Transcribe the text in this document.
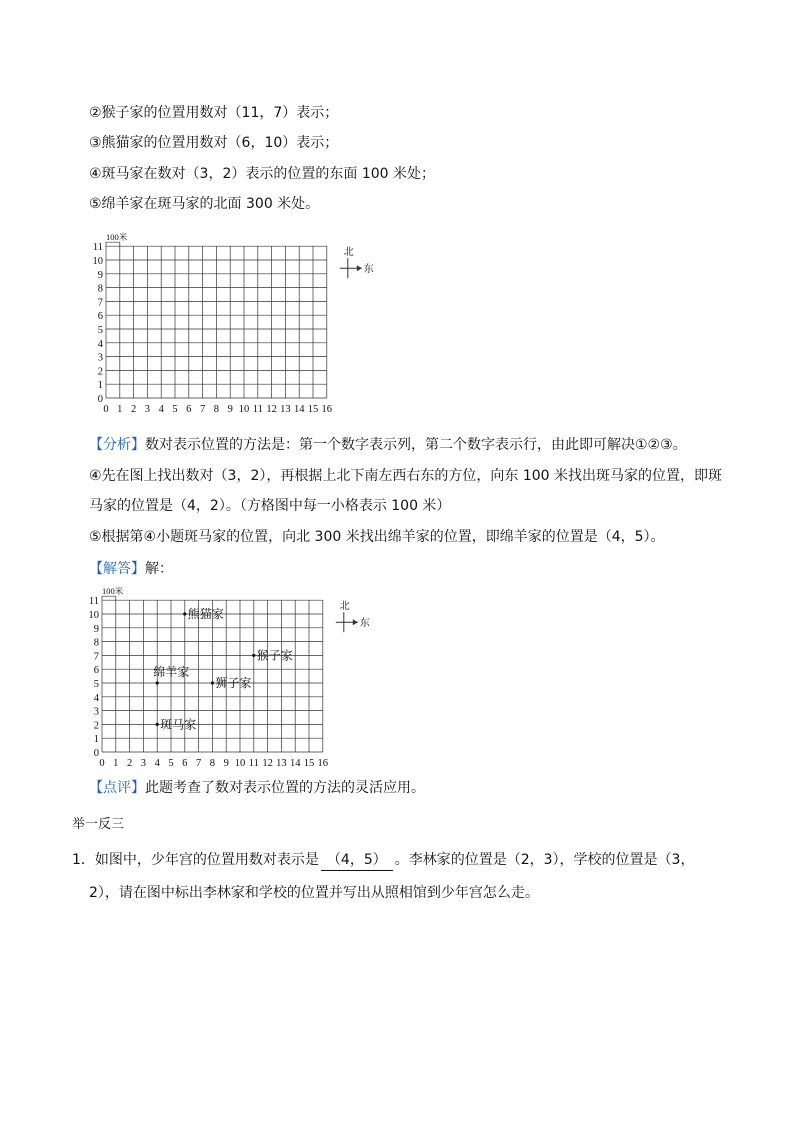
②猴子家的位置用数对（11，7）表示；
③熊猫家的位置用数对（6，10）表示；
④斑马家在数对（3，2）表示的位置的东面 100 米处；
⑤绵羊家在斑马家的北面 300 米处。
0 1 2 3 4 5 6 7 8 9 10 11 12 13 14 15 16
0
1
2
3
4
5
6
7
8
9
10
11
100米
北
东
【分析】数对表示位置的方法是：第一个数字表示列，第二个数字表示行，由此即可解决①②③。
④先在图上找出数对（3，2），再根据上北下南左西右东的方位，向东 100 米找出斑马家的位置，即斑
马家的位置是（4，2）。（方格图中每一小格表示 100 米）
⑤根据第④小题斑马家的位置，向北 300 米找出绵羊家的位置，即绵羊家的位置是（4，5）。
【解答】解：
0 1 2 3 4 5 6 7 8 9 10 11 12 13 14 15 16
0
1
2
3
4
5
6
7
8
9
10
11
100米
北
东
熊猫家
猴子家
绵羊家
狮子家
斑马家
【点评】此题考查了数对表示位置的方法的灵活应用。
举一反三
1．如图中，少年宫的位置用数对表示是 （4，5） 。李林家的位置是（2，3），学校的位置是（3，
2），请在图中标出李林家和学校的位置并写出从照相馆到少年宫怎么走。
